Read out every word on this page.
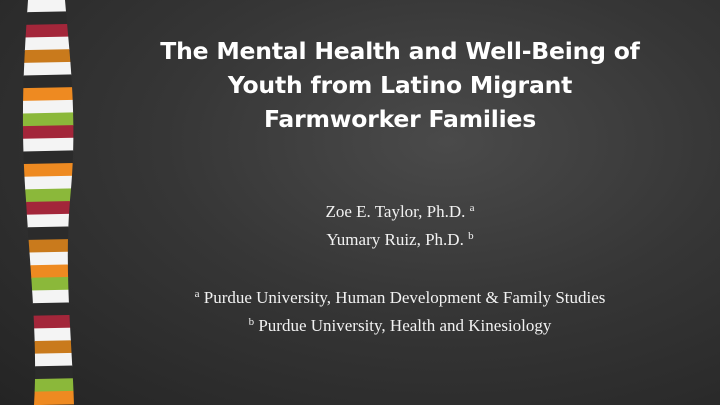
The Mental Health and Well-Being of
Youth from Latino Migrant
Farmworker Families
Zoe E. Taylor, Ph.D. $^a$
Yumary Ruiz, Ph.D. $^b$
$^a$ Purdue University, Human Development & Family Studies
$^b$ Purdue University, Health and Kinesiology
